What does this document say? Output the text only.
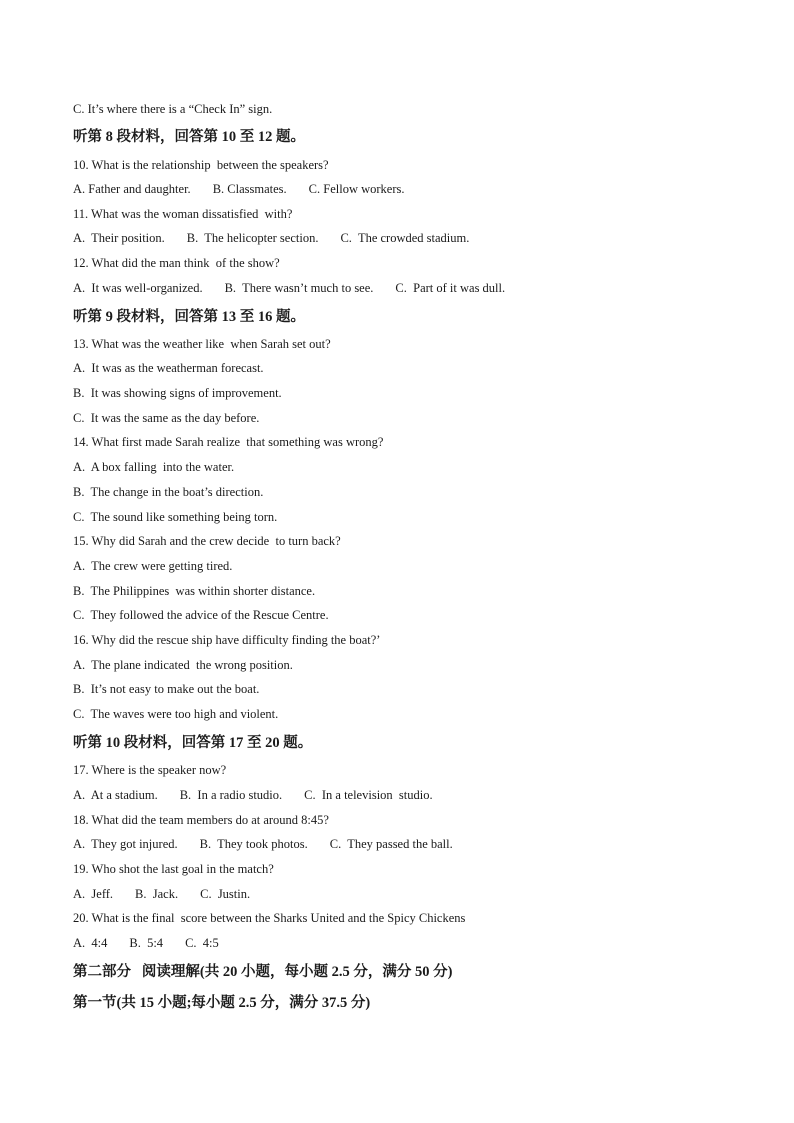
C. It’s where there is a “Check In” sign.
听第 8 段材料，回答第 10 至 12 题。
10. What is the relationship  between the speakers?
A. Father and daughter. B. Classmates. C. Fellow workers.
11. What was the woman dissatisfied  with?
A.  Their position. B.  The helicopter section. C.  The crowded stadium.
12. What did the man think  of the show?
A.  It was well-organized. B.  There wasn’t much to see. C.  Part of it was dull.
听第 9 段材料，回答第 13 至 16 题。
13. What was the weather like  when Sarah set out?
A.  It was as the weatherman forecast.
B.  It was showing signs of improvement.
C.  It was the same as the day before.
14. What first made Sarah realize  that something was wrong?
A.  A box falling  into the water.
B.  The change in the boat’s direction.
C.  The sound like something being torn.
15. Why did Sarah and the crew decide  to turn back?
A.  The crew were getting tired.
B.  The Philippines  was within shorter distance.
C.  They followed the advice of the Rescue Centre.
16. Why did the rescue ship have difficulty finding the boat?’
A.  The plane indicated  the wrong position.
B.  It’s not easy to make out the boat.
C.  The waves were too high and violent.
听第 10 段材料，回答第 17 至 20 题。
17. Where is the speaker now?
A.  At a stadium. B.  In a radio studio. C.  In a television  studio.
18. What did the team members do at around 8:45?
A.  They got injured. B.  They took photos. C.  They passed the ball.
19. Who shot the last goal in the match?
A.  Jeff. B.  Jack. C.  Justin.
20. What is the final  score between the Sharks United and the Spicy Chickens
A.  4:4 B.  5:4 C.  4:5
第二部分   阅读理解(共 20 小题，每小题 2.5 分，满分 50 分)
第一节(共 15 小题;每小题 2.5 分，满分 37.5 分)
